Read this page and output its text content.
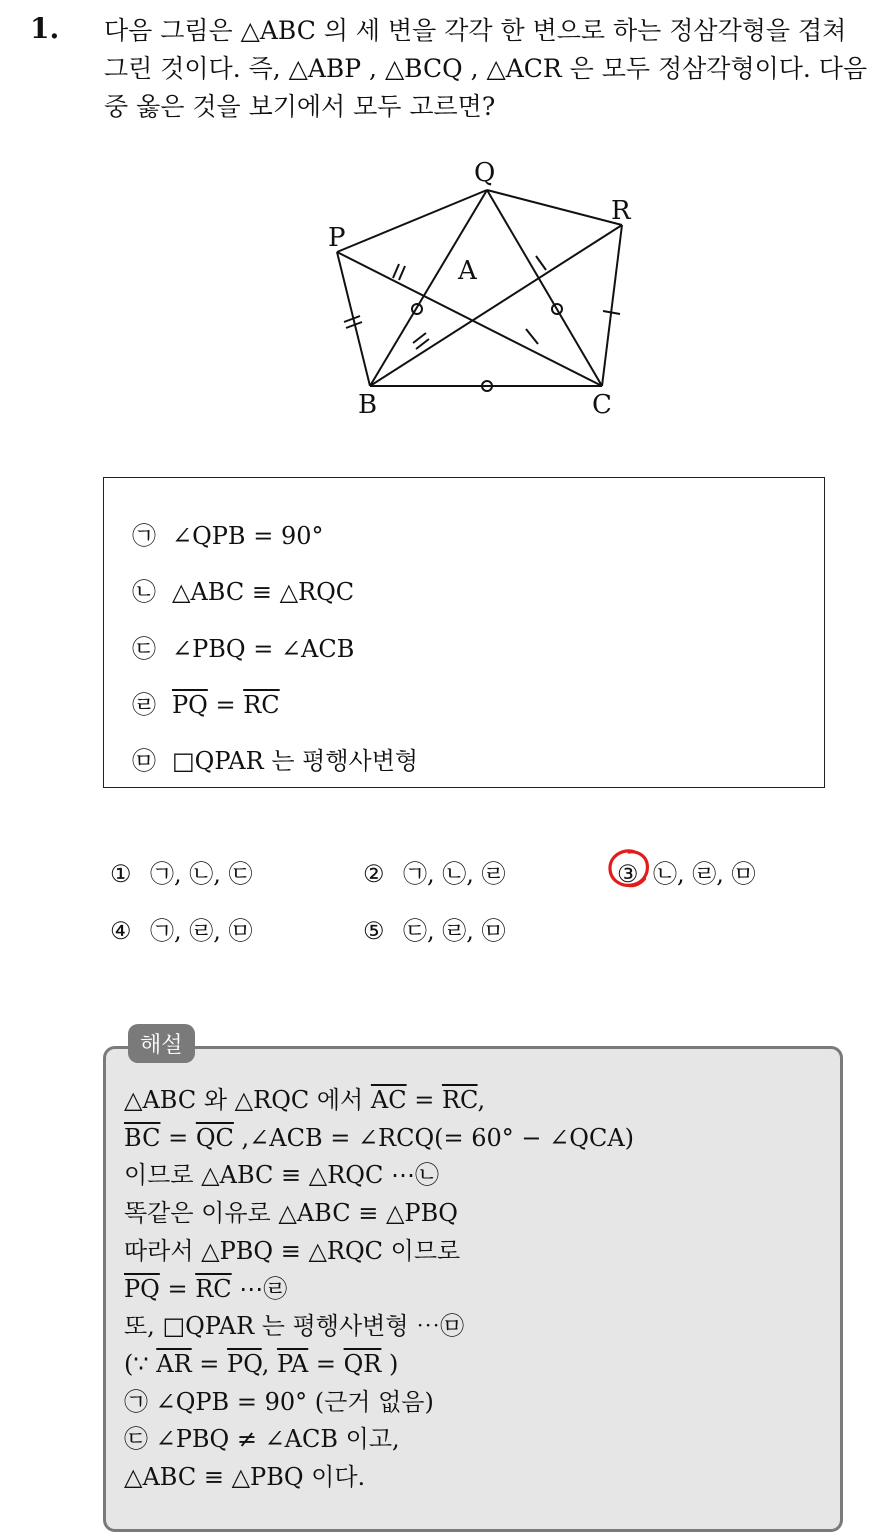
1. 다음 그림은 △ABC 의 세 변을 각각 한 변으로 하는 정삼각형을 겹쳐
그린 것이다. 즉, △ABP , △BCQ , △ACR 은 모두 정삼각형이다. 다음
중 옳은 것을 보기에서 모두 고르면?
Q
R
P
A
B	C
㉠ ∠QPB = 90°
㉡ △ABC ≡ △RQC
㉢ ∠PBQ = ∠ACB
㉣ $\overline{PQ} = \overline{RC}$
㉤ □QPAR 는 평행사변형
① ㉠, ㉡, ㉢	② ㉠, ㉡, ㉣	③ ㉡, ㉣, ㉤
④ ㉠, ㉣, ㉤	⑤ ㉢, ㉣, ㉤
해설
△ABC 와 △RQC 에서 $\overline{AC} = \overline{RC}$,
$\overline{BC} = \overline{QC}$ ,∠ACB = ∠RCQ(= 60° − ∠QCA)
이므로 △ABC ≡ △RQC ⋯㉡
똑같은 이유로 △ABC ≡ △PBQ
따라서 △PBQ ≡ △RQC 이므로
$\overline{PQ} = \overline{RC}$ ⋯㉣
또, □QPAR 는 평행사변형 ⋯㉤
(∵ $\overline{AR} = \overline{PQ}$, $\overline{PA} = \overline{QR}$ )
㉠ ∠QPB = 90° (근거 없음)
㉢ ∠PBQ ≠ ∠ACB 이고,
△ABC ≡ △PBQ 이다.
